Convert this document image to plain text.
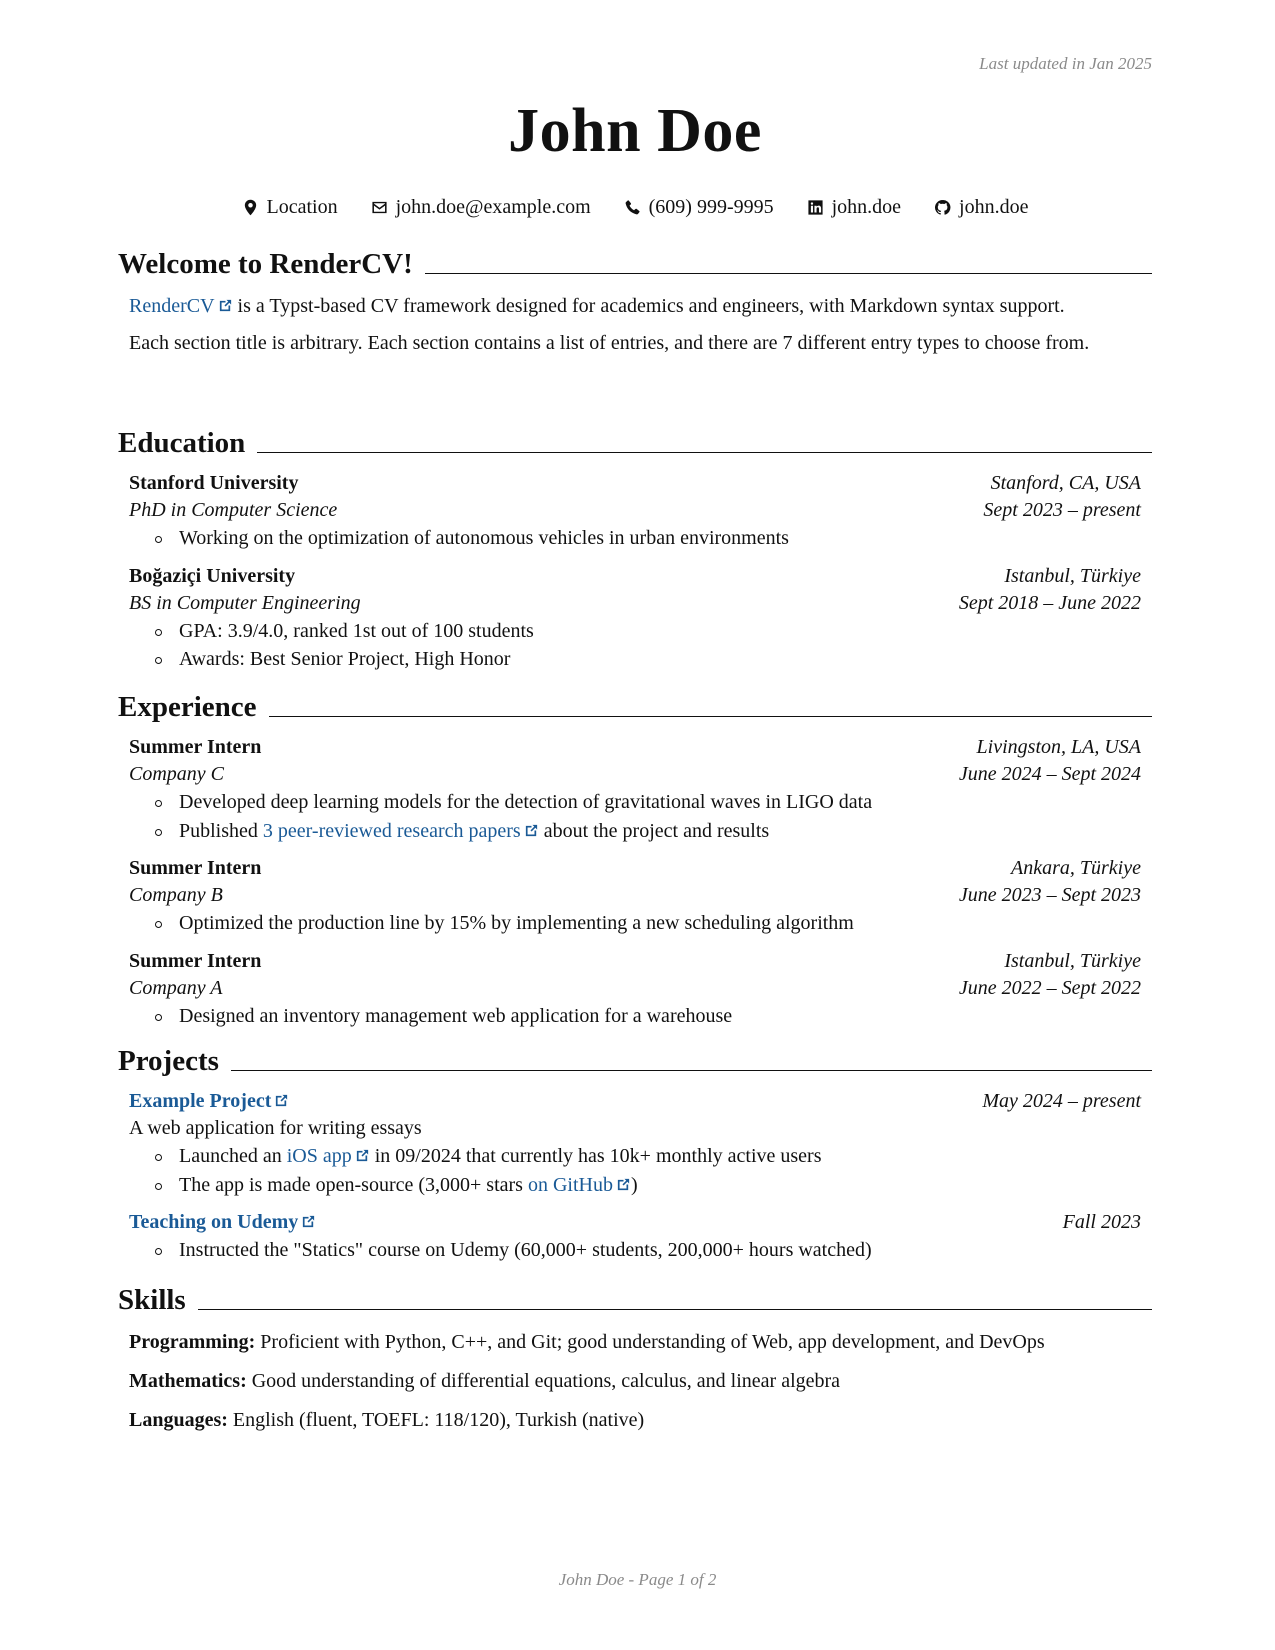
Last updated in Jan 2025
John Doe
Location
	john.doe@example.com
	(609) 999-9995
	john.doe
	john.doe
Welcome to RenderCV!

RenderCV is a Typst-based CV framework designed for academics and engineers, with Markdown syntax support.

Each section title is arbitrary. Each section contains a list of entries, and there are 7 different entry types to choose from.

Education
Stanford University	Stanford, CA, USA
PhD in Computer Science	Sept 2023 – present
Working on the optimization of autonomous vehicles in urban environments
Boğaziçi University	Istanbul, Türkiye
BS in Computer Engineering	Sept 2018 – June 2022
GPA: 3.9/4.0, ranked 1st out of 100 students
Awards: Best Senior Project, High Honor
Experience
Summer Intern	Livingston, LA, USA
Company C	June 2024 – Sept 2024
Developed deep learning models for the detection of gravitational waves in LIGO data
Published 3 peer-reviewed research papers about the project and results
Summer Intern	Ankara, Türkiye
Company B	June 2023 – Sept 2023
Optimized the production line by 15% by implementing a new scheduling algorithm
Summer Intern	Istanbul, Türkiye
Company A	June 2022 – Sept 2022
Designed an inventory management web application for a warehouse
Projects
Example Project	May 2024 – present
A web application for writing essays
Launched an iOS app in 09/2024 that currently has 10k+ monthly active users
The app is made open-source (3,000+ stars on GitHub )
Teaching on Udemy	Fall 2023
Instructed the "Statics" course on Udemy (60,000+ students, 200,000+ hours watched)
Skills

Programming: Proficient with Python, C++, and Git; good understanding of Web, app development, and DevOps

Mathematics: Good understanding of differential equations, calculus, and linear algebra

Languages: English (fluent, TOEFL: 118/120), Turkish (native)

John Doe - Page 1 of 2
